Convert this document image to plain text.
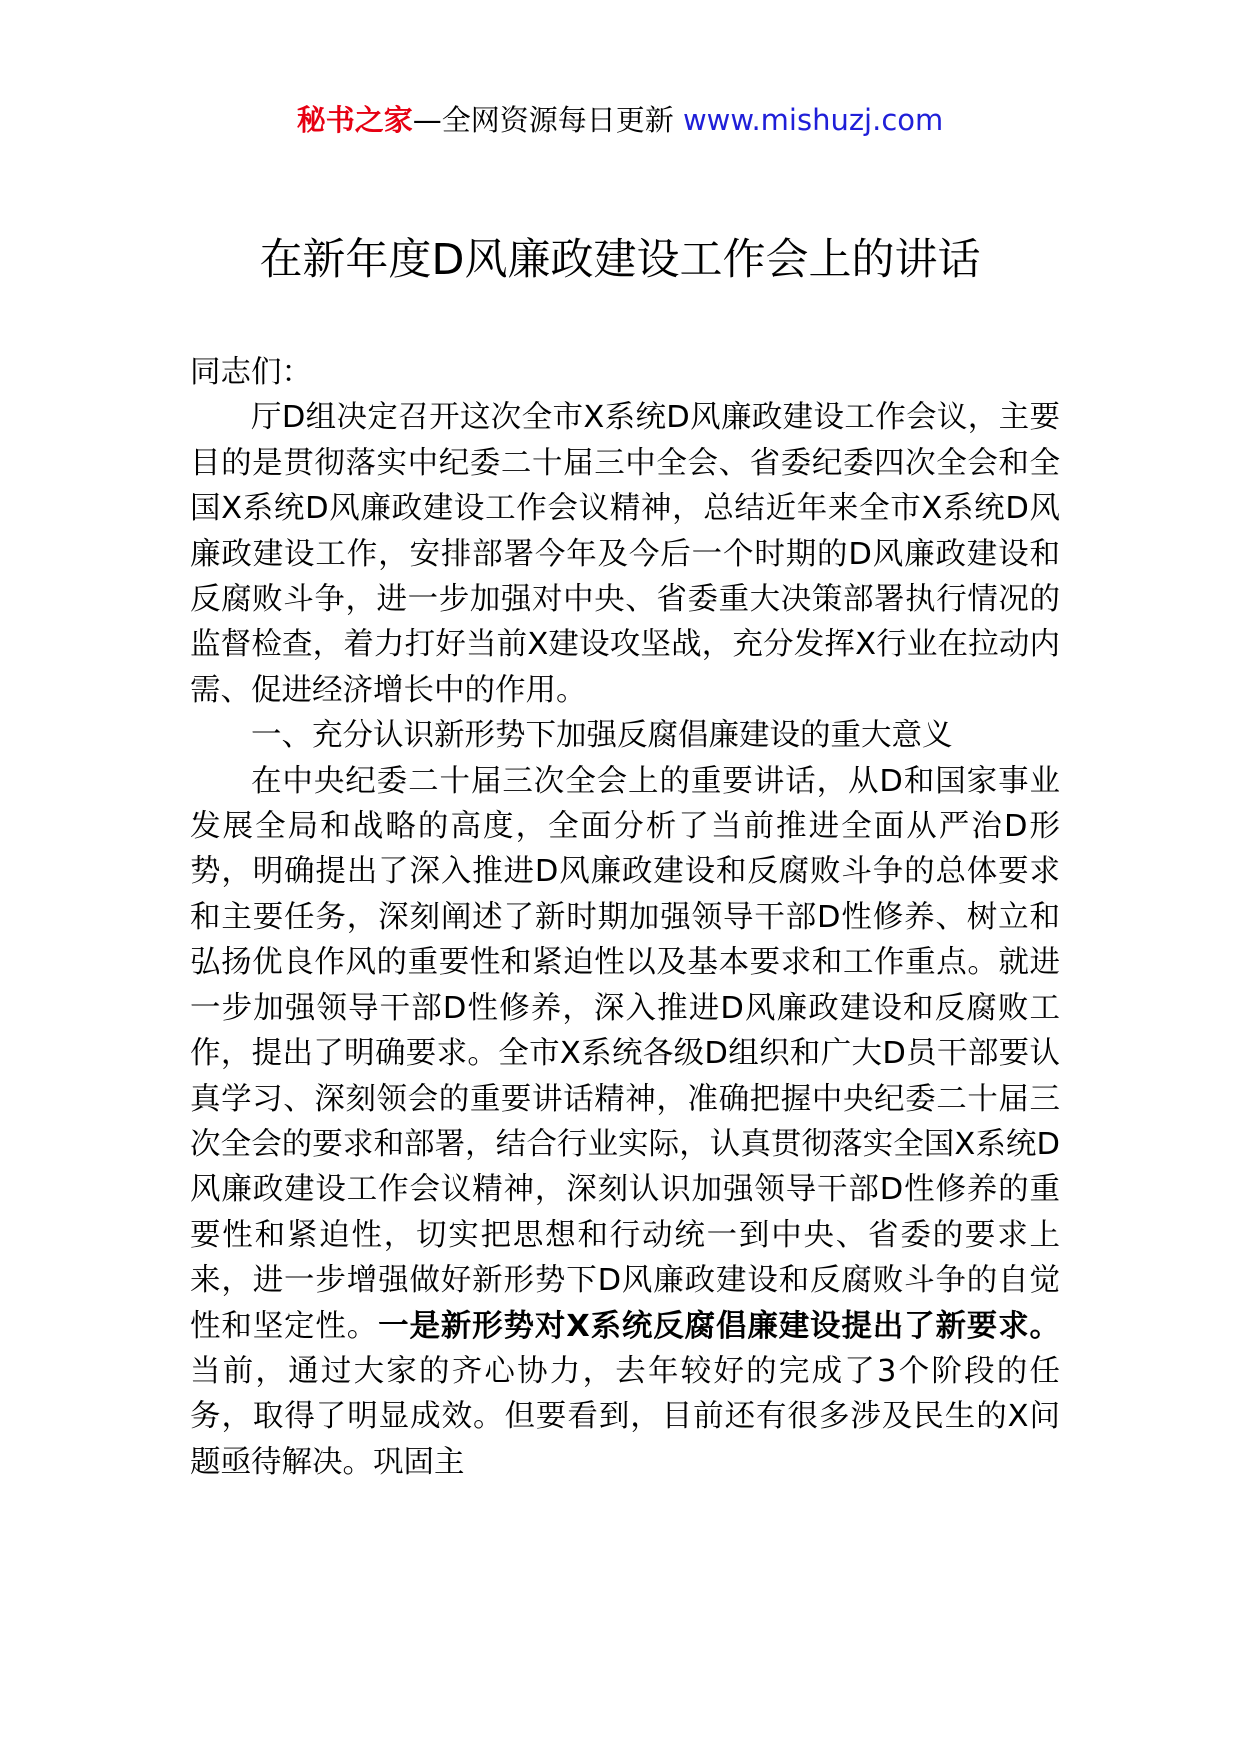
秘书之家—全网资源每日更新 www.mishuzj.com
在新年度D风廉政建设工作会上的讲话

同志们：

厅D组决定召开这次全市X系统D风廉政建设工作会议，主要目的是贯彻落实中纪委二十届三中全会、省委纪委四次全会和全国X系统D风廉政建设工作会议精神，总结近年来全市X系统D风廉政建设工作，安排部署今年及今后一个时期的D风廉政建设和反腐败斗争，进一步加强对中央、省委重大决策部署执行情况的监督检查，着力打好当前X建设攻坚战，充分发挥X行业在拉动内需、促进经济增长中的作用。

一、充分认识新形势下加强反腐倡廉建设的重大意义

在中央纪委二十届三次全会上的重要讲话，从D和国家事业发展全局和战略的高度，全面分析了当前推进全面从严治D形势，明确提出了深入推进D风廉政建设和反腐败斗争的总体要求和主要任务，深刻阐述了新时期加强领导干部D性修养、树立和弘扬优良作风的重要性和紧迫性以及基本要求和工作重点。就进一步加强领导干部D性修养，深入推进D风廉政建设和反腐败工作，提出了明确要求。全市X系统各级D组织和广大D员干部要认真学习、深刻领会的重要讲话精神，准确把握中央纪委二十届三次全会的要求和部署，结合行业实际，认真贯彻落实全国X系统D风廉政建设工作会议精神，深刻认识加强领导干部D性修养的重要性和紧迫性，切实把思想和行动统一到中央、省委的要求上来，进一步增强做好新形势下D风廉政建设和反腐败斗争的自觉性和坚定性。一是新形势对X系统反腐倡廉建设提出了新要求。当前，通过大家的齐心协力，去年较好的完成了3个阶段的任务，取得了明显成效。但要看到，目前还有很多涉及民生的X问题亟待解决。巩固主
